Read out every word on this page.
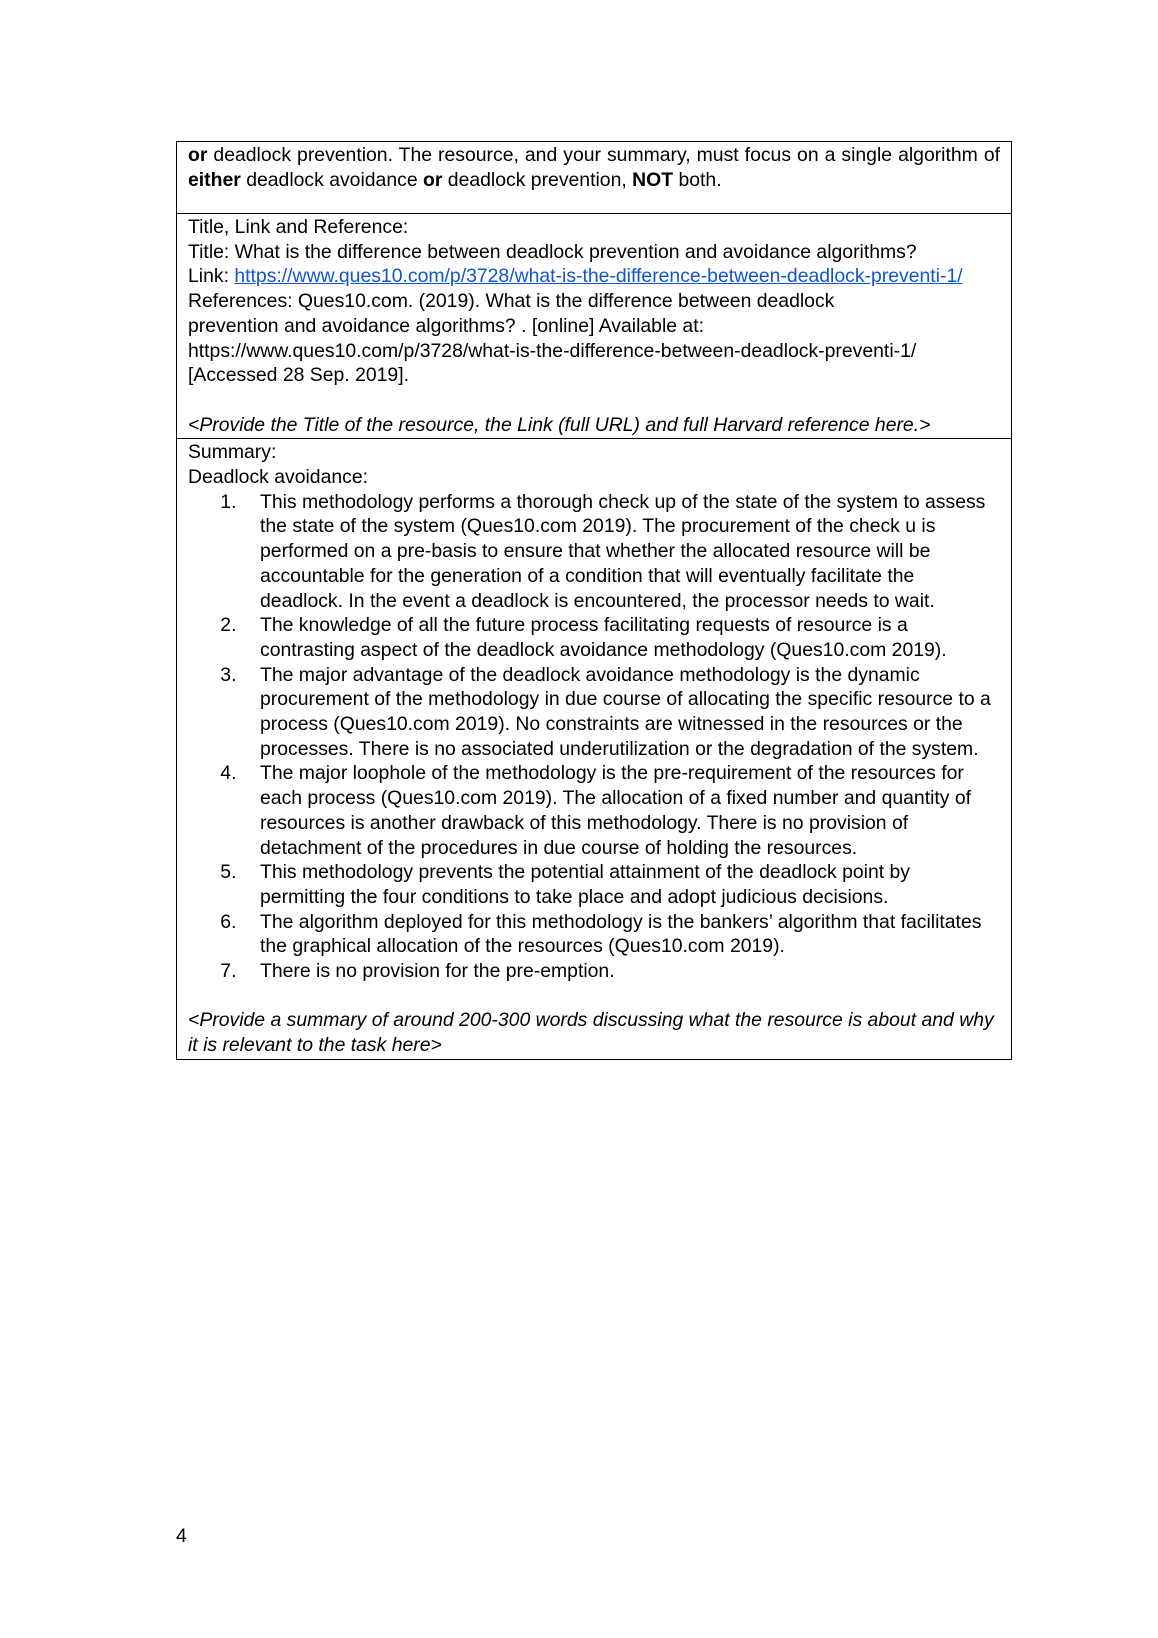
or deadlock prevention. The resource, and your summary, must focus on a single algorithm of either deadlock avoidance or deadlock prevention, NOT both.

Title, Link and Reference:
Title: What is the difference between deadlock prevention and avoidance algorithms?
Link: https://www.ques10.com/p/3728/what-is-the-difference-between-deadlock-preventi-1/
References: Ques10.com. (2019). What is the difference between deadlock
prevention and avoidance algorithms? . [online] Available at:
https://www.ques10.com/p/3728/what-is-the-difference-between-deadlock-preventi-1/
[Accessed 28 Sep. 2019].
<Provide the Title of the resource, the Link (full URL) and full Harvard reference here.>

Summary:
Deadlock avoidance:
1. This methodology performs a thorough check up of the state of the system to assess the state of the system (Ques10.com 2019). The procurement of the check u is performed on a pre-basis to ensure that whether the allocated resource will be accountable for the generation of a condition that will eventually facilitate the deadlock. In the event a deadlock is encountered, the processor needs to wait.
2. The knowledge of all the future process facilitating requests of resource is a contrasting aspect of the deadlock avoidance methodology (Ques10.com 2019).
3. The major advantage of the deadlock avoidance methodology is the dynamic procurement of the methodology in due course of allocating the specific resource to a process (Ques10.com 2019). No constraints are witnessed in the resources or the processes. There is no associated underutilization or the degradation of the system.
4. The major loophole of the methodology is the pre-requirement of the resources for each process (Ques10.com 2019). The allocation of a fixed number and quantity of resources is another drawback of this methodology. There is no provision of detachment of the procedures in due course of holding the resources.
5. This methodology prevents the potential attainment of the deadlock point by permitting the four conditions to take place and adopt judicious decisions.
6. The algorithm deployed for this methodology is the bankers’ algorithm that facilitates the graphical allocation of the resources (Ques10.com 2019).
7. There is no provision for the pre-emption.
<Provide a summary of around 200-300 words discussing what the resource is about and why it is relevant to the task here>
4
